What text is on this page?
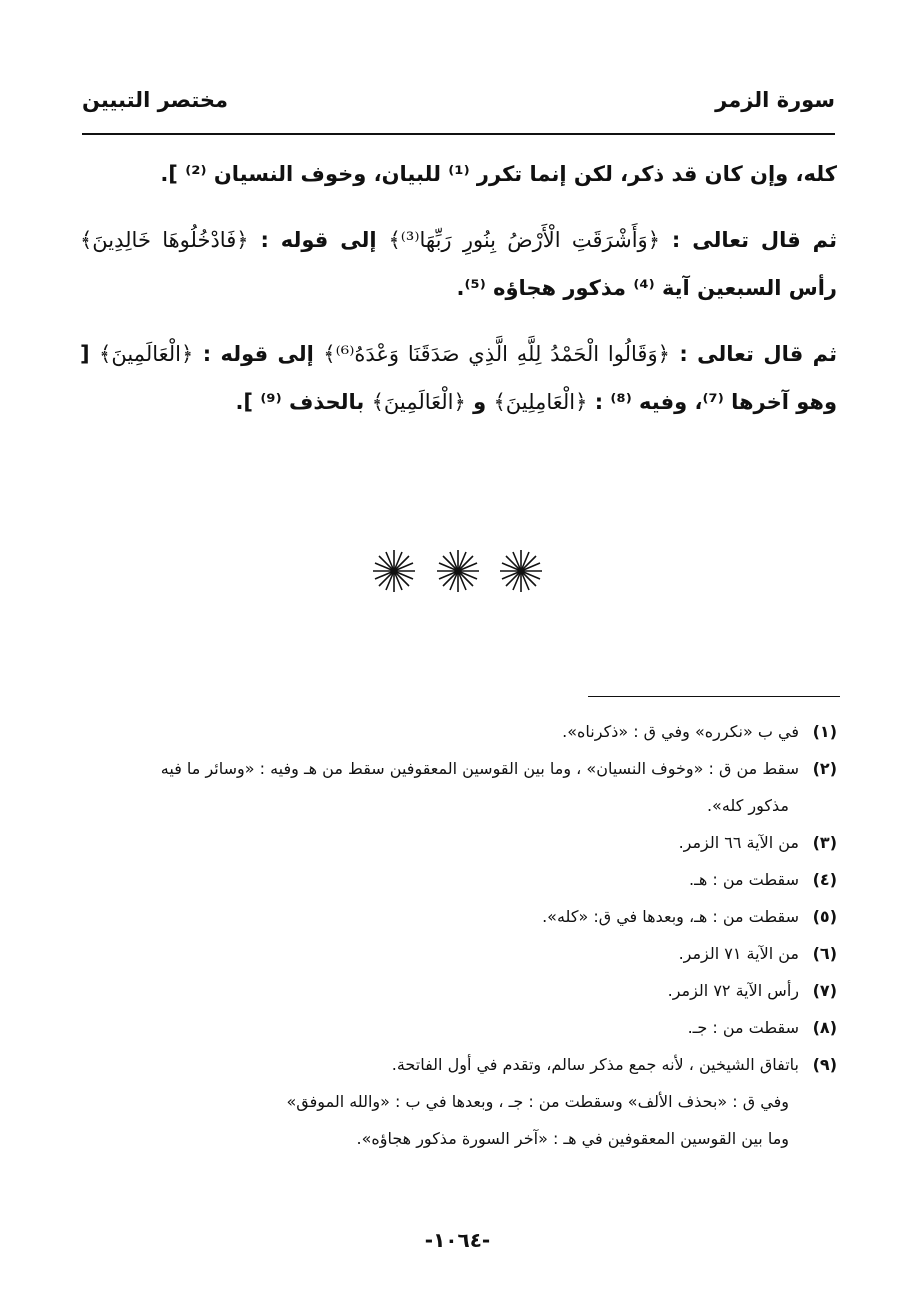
سورة الزمر
مختصر التبيين

كله، وإن كان قد ذكر، لكن إنما تكرر ⁽¹⁾ للبيان، وخوف النسيان ⁽²⁾ ].

ثم قال تعالى : ﴿وَأَشْرَقَتِ الْأَرْضُ بِنُورِ رَبِّهَا⁽³⁾﴾ إلى قوله : ﴿فَادْخُلُوهَا خَالِدِينَ﴾ رأس السبعين آية ⁽⁴⁾ مذكور هجاؤه ⁽⁵⁾.

ثم قال تعالى : ﴿وَقَالُوا الْحَمْدُ لِلَّهِ الَّذِي صَدَقَنَا وَعْدَهُ⁽⁶⁾﴾ إلى قوله : ﴿الْعَالَمِينَ﴾ [ وهو آخرها ⁽⁷⁾، وفيه ⁽⁸⁾ : ﴿الْعَامِلِينَ﴾ و ﴿الْعَالَمِينَ﴾ بالحذف ⁽⁹⁾ ].

(١)
في ب «نكرره» وفي ق : «ذكرناه».
(٢)
سقط من ق : «وخوف النسيان» ، وما بين القوسين المعقوفين سقط من هـ وفيه : «وسائر ما فيه
مذكور كله».
(٣)
من الآية ٦٦ الزمر.
(٤)
سقطت من : هـ.
(٥)
سقطت من : هـ، وبعدها في ق: «كله».
(٦)
من الآية ٧١ الزمر.
(٧)
رأس الآية ٧٢ الزمر.
(٨)
سقطت من : جـ.
(٩)
باتفاق الشيخين ، لأنه جمع مذكر سالم، وتقدم في أول الفاتحة.
وفي ق : «بحذف الألف» وسقطت من : جـ ، وبعدها في ب : «والله الموفق»
وما بين القوسين المعقوفين في هـ : «آخر السورة مذكور هجاؤه».
-١٠٦٤-
